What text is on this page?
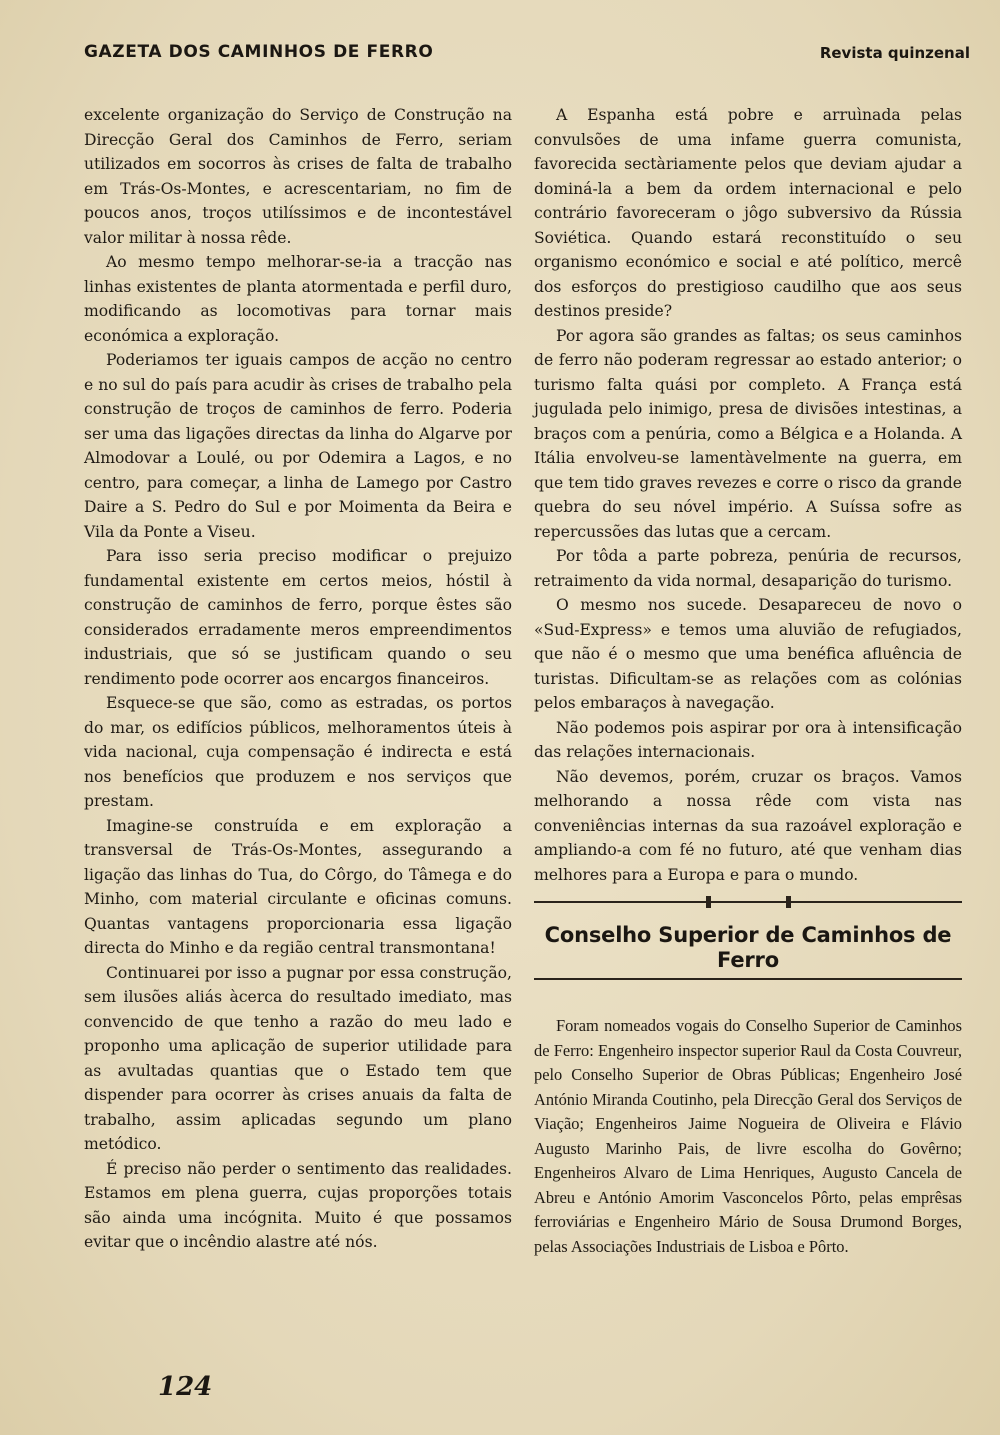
GAZETA DOS CAMINHOS DE FERRO	Revista quinzenal

excelente organização do Serviço de Construção na Direcção Geral dos Caminhos de Ferro, seriam utilizados em socorros às crises de falta de trabalho em Trás-Os-Montes, e acrescentariam, no fim de poucos anos, troços utilíssimos e de incontestável valor militar à nossa rêde.

Ao mesmo tempo melhorar-se-ia a tracção nas linhas existentes de planta atormentada e perfil duro, modificando as locomotivas para tornar mais económica a exploração.

Poderiamos ter iguais campos de acção no centro e no sul do país para acudir às crises de trabalho pela construção de troços de caminhos de ferro. Poderia ser uma das ligações directas da linha do Algarve por Almodovar a Loulé, ou por Odemira a Lagos, e no centro, para começar, a linha de Lamego por Castro Daire a S. Pedro do Sul e por Moimenta da Beira e Vila da Ponte a Viseu.

Para isso seria preciso modificar o prejuizo fundamental existente em certos meios, hóstil à construção de caminhos de ferro, porque êstes são considerados erradamente meros empreendimentos industriais, que só se justificam quando o seu rendimento pode ocorrer aos encargos financeiros.

Esquece-se que são, como as estradas, os portos do mar, os edifícios públicos, melhoramentos úteis à vida nacional, cuja compensação é indirecta e está nos benefícios que produzem e nos serviços que prestam.

Imagine-se construída e em exploração a transversal de Trás-Os-Montes, assegurando a ligação das linhas do Tua, do Côrgo, do Tâmega e do Minho, com material circulante e oficinas comuns. Quantas vantagens proporcionaria essa ligação directa do Minho e da região central transmontana!

Continuarei por isso a pugnar por essa construção, sem ilusões aliás àcerca do resultado imediato, mas convencido de que tenho a razão do meu lado e proponho uma aplicação de superior utilidade para as avultadas quantias que o Estado tem que dispender para ocorrer às crises anuais da falta de trabalho, assim aplicadas segundo um plano metódico.

É preciso não perder o sentimento das realidades. Estamos em plena guerra, cujas proporções totais são ainda uma incógnita. Muito é que possamos evitar que o incêndio alastre até nós.

A Espanha está pobre e arruìnada pelas convulsões de uma infame guerra comunista, favorecida sectàriamente pelos que deviam ajudar a dominá-la a bem da ordem internacional e pelo contrário favoreceram o jôgo subversivo da Rússia Soviética. Quando estará reconstituído o seu organismo económico e social e até político, mercê dos esforços do prestigioso caudilho que aos seus destinos preside?

Por agora são grandes as faltas; os seus caminhos de ferro não poderam regressar ao estado anterior; o turismo falta quási por completo. A França está jugulada pelo inimigo, presa de divisões intestinas, a braços com a penúria, como a Bélgica e a Holanda. A Itália envolveu-se lamentàvelmente na guerra, em que tem tido graves revezes e corre o risco da grande quebra do seu nóvel império. A Suíssa sofre as repercussões das lutas que a cercam.

Por tôda a parte pobreza, penúria de recursos, retraimento da vida normal, desaparição do turismo.

O mesmo nos sucede. Desapareceu de novo o «Sud-Express» e temos uma aluvião de refugiados, que não é o mesmo que uma benéfica afluência de turistas. Dificultam-se as relações com as colónias pelos embaraços à navegação.

Não podemos pois aspirar por ora à intensificação das relações internacionais.

Não devemos, porém, cruzar os braços. Vamos melhorando a nossa rêde com vista nas conveniências internas da sua razoável exploração e ampliando-a com fé no futuro, até que venham dias melhores para a Europa e para o mundo.

Conselho Superior de Caminhos de Ferro

Foram nomeados vogais do Conselho Superior de Caminhos de Ferro: Engenheiro inspector superior Raul da Costa Couvreur, pelo Conselho Superior de Obras Públicas; Engenheiro José António Miranda Coutinho, pela Direcção Geral dos Serviços de Viação; Engenheiros Jaime Nogueira de Oliveira e Flávio Augusto Marinho Pais, de livre escolha do Govêrno; Engenheiros Alvaro de Lima Henriques, Augusto Cancela de Abreu e António Amorim Vasconcelos Pôrto, pelas emprêsas ferroviárias e Engenheiro Mário de Sousa Drumond Borges, pelas Associações Industriais de Lisboa e Pôrto.

124
